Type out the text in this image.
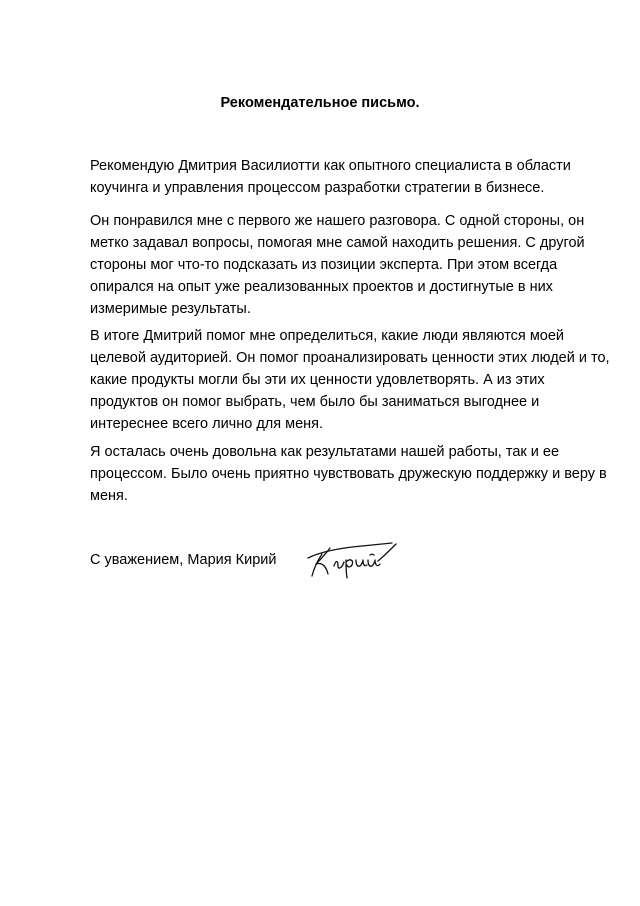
Рекомендательное письмо.

Рекомендую Дмитрия Василиотти как опытного специалиста в области
коучинга и управления процессом разработки стратегии в бизнесе.

Он понравился мне с первого же нашего разговора. С одной стороны, он
метко задавал вопросы, помогая мне самой находить решения. С другой
стороны мог что-то подсказать из позиции эксперта. При этом всегда
опирался на опыт уже реализованных проектов и достигнутые в них
измеримые результаты.

В итоге Дмитрий помог мне определиться, какие люди являются моей
целевой аудиторией. Он помог проанализировать ценности этих людей и то,
какие продукты могли бы эти их ценности удовлетворять. А из этих
продуктов он помог выбрать, чем было бы заниматься выгоднее и
интереснее всего лично для меня.

Я осталась очень довольна как результатами нашей работы, так и ее
процессом. Было очень приятно чувствовать дружескую поддержку и веру в
меня.

С уважением, Мария Кирий
